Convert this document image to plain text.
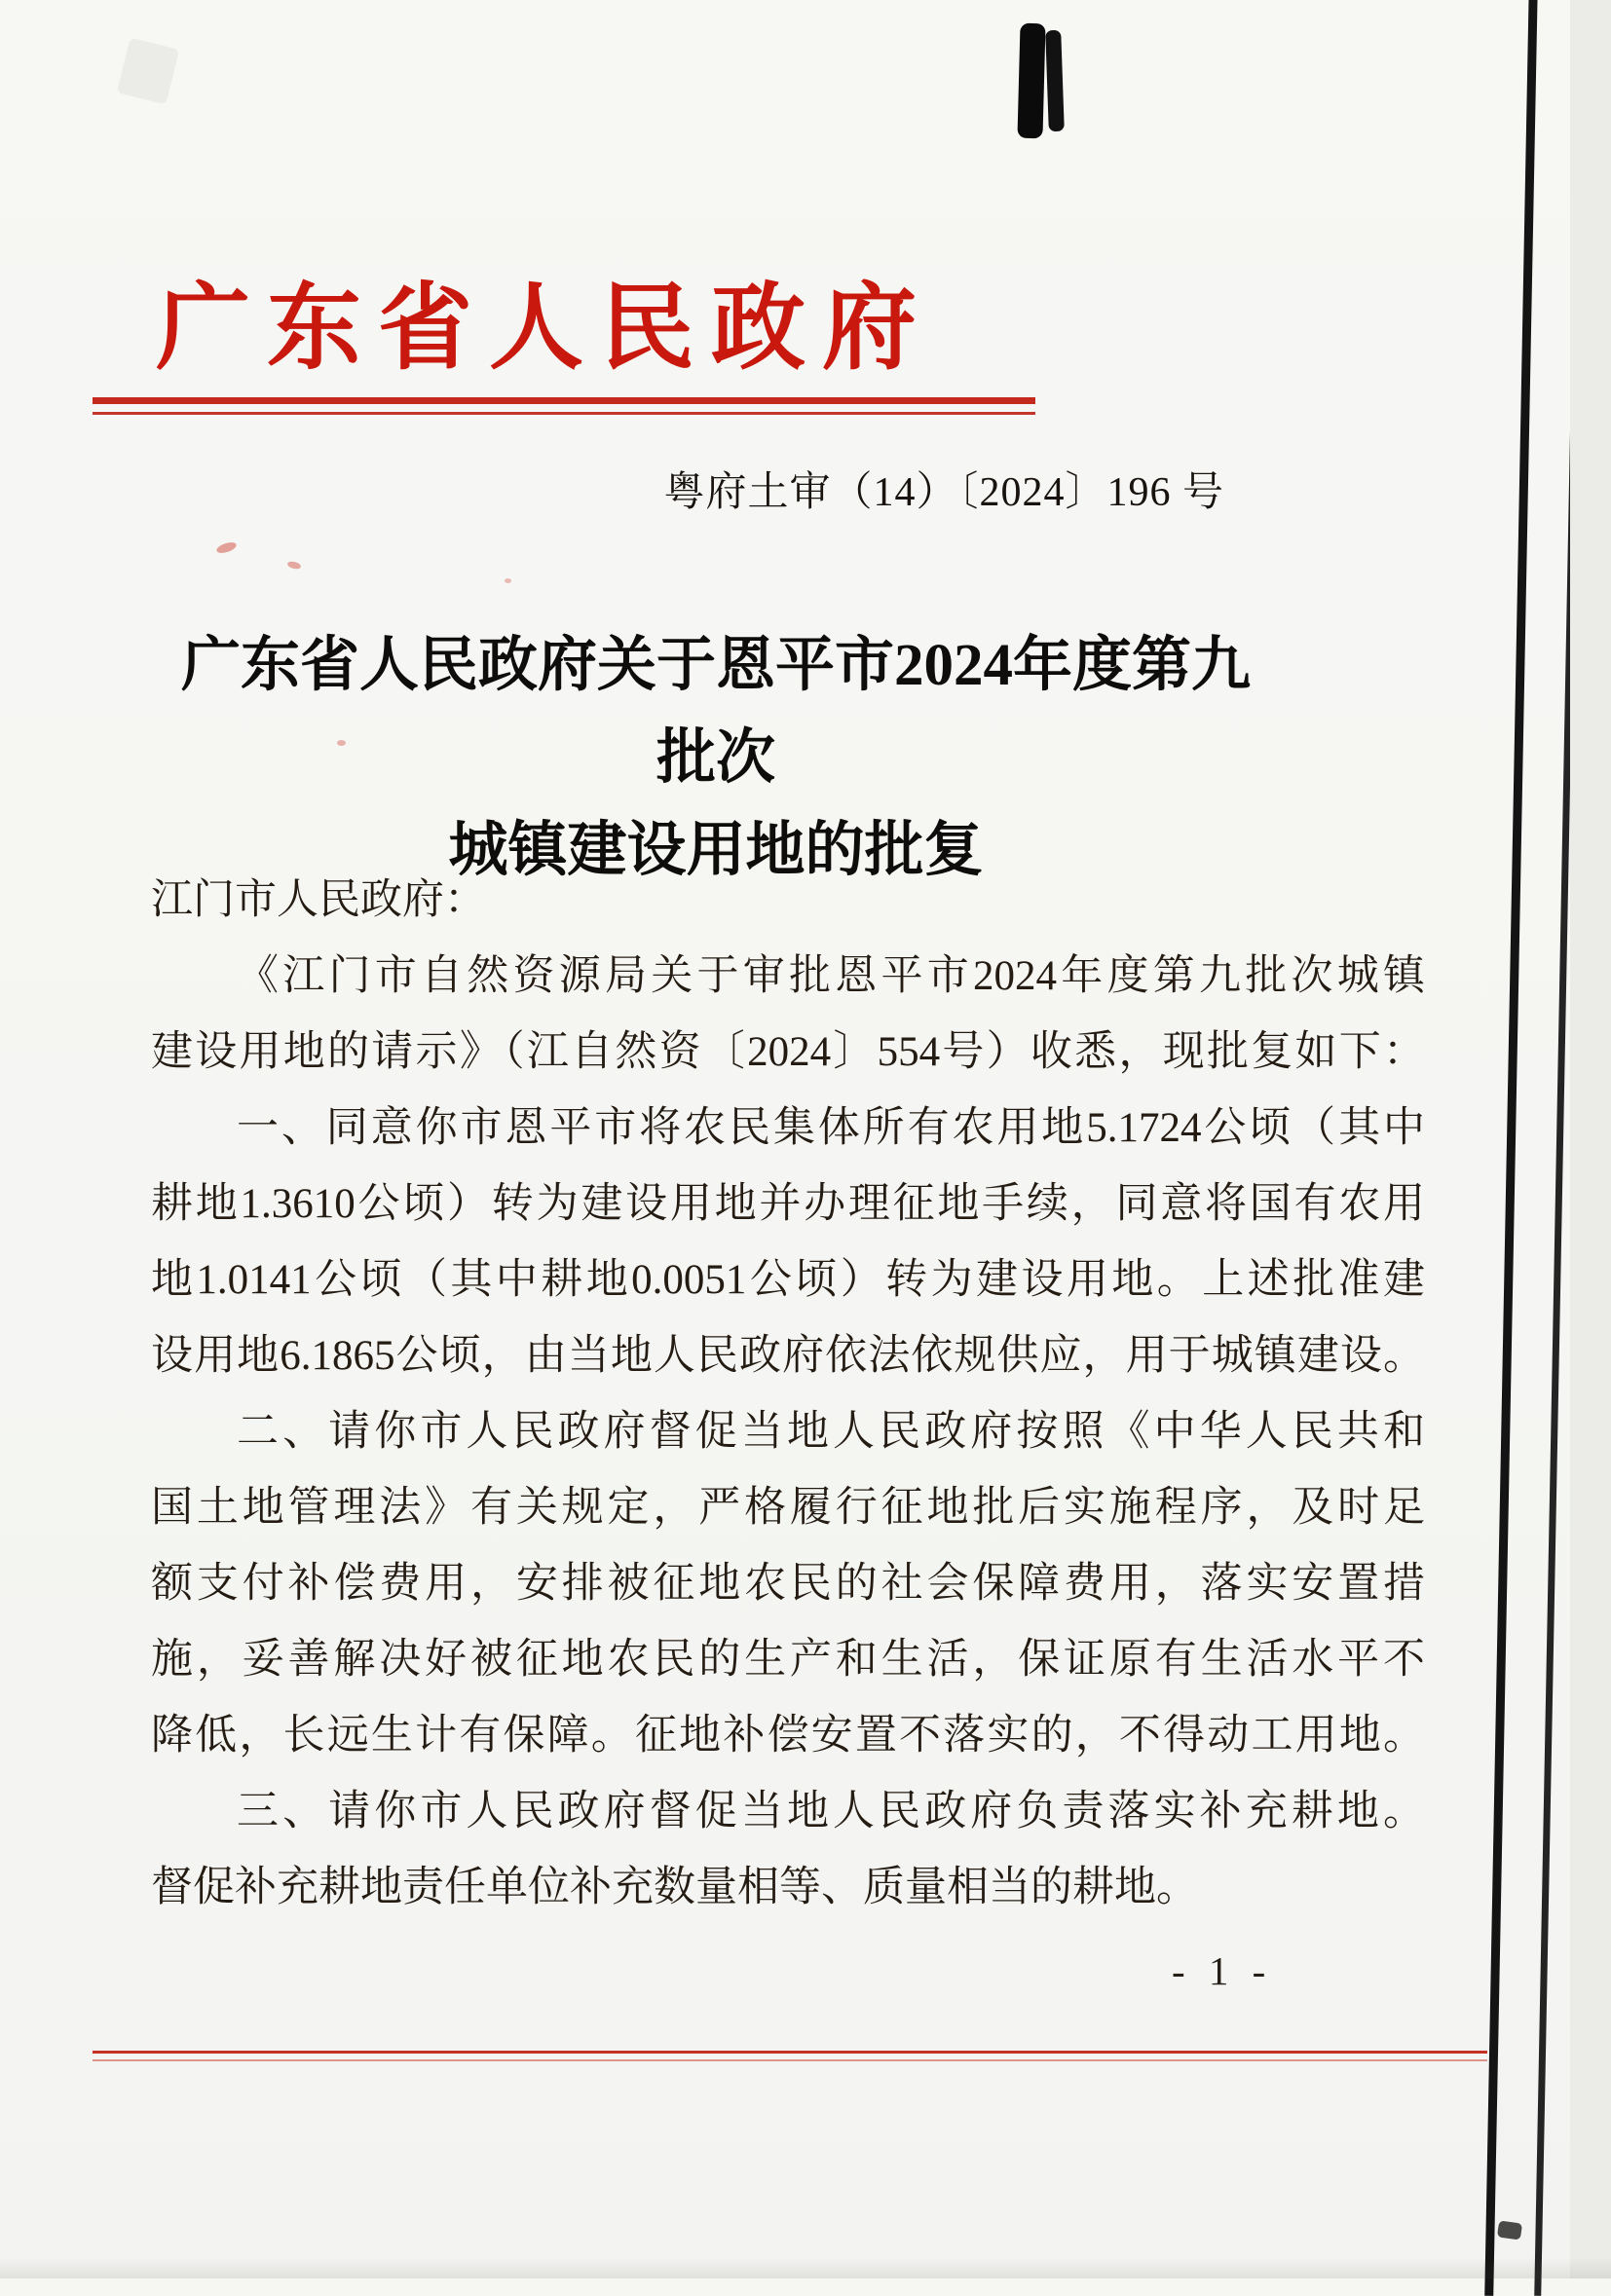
广东省人民政府
粤府土审（14）〔2024〕196 号
广东省人民政府关于恩平市2024年度第九批次
城镇建设用地的批复
江门市人民政府：
《江门市自然资源局关于审批恩平市2024年度第九批次城镇
建设用地的请示》（江自然资〔2024〕554号）收悉，现批复如下：
一、同意你市恩平市将农民集体所有农用地5.1724公顷（其中
耕地1.3610公顷）转为建设用地并办理征地手续，同意将国有农用
地1.0141公顷（其中耕地0.0051公顷）转为建设用地。上述批准建
设用地6.1865公顷，由当地人民政府依法依规供应，用于城镇建设。
二、请你市人民政府督促当地人民政府按照《中华人民共和
国土地管理法》有关规定，严格履行征地批后实施程序，及时足
额支付补偿费用，安排被征地农民的社会保障费用，落实安置措
施，妥善解决好被征地农民的生产和生活，保证原有生活水平不
降低，长远生计有保障。征地补偿安置不落实的，不得动工用地。
三、请你市人民政府督促当地人民政府负责落实补充耕地。
督促补充耕地责任单位补充数量相等、质量相当的耕地。
- 1 -
